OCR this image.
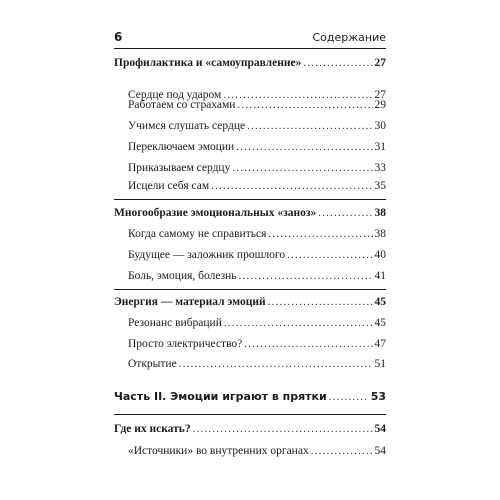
6	Содержание
Профилактика и «самоуправление» .....	27
Сердце под ударом .....	27
Работаем со страхами .....	29
Учимся слушать сердце .....	30
Переключаем эмоции .....	31
Приказываем сердцу .....	33
Исцели себя сам .....	35
Многообразие эмоциональных «заноз» .....	38
Когда самому не справиться .....	38
Будущее — заложник прошлого .....	40
Боль, эмоция, болезнь .....	41
Энергия — материал эмоций .....	45
Резонанс вибраций .....	45
Просто электричество? .....	47
Открытие .....	51
Часть II. Эмоции играют в прятки .....	53
Где их искать? .....	54
«Источники» во внутренних органах .....	54
